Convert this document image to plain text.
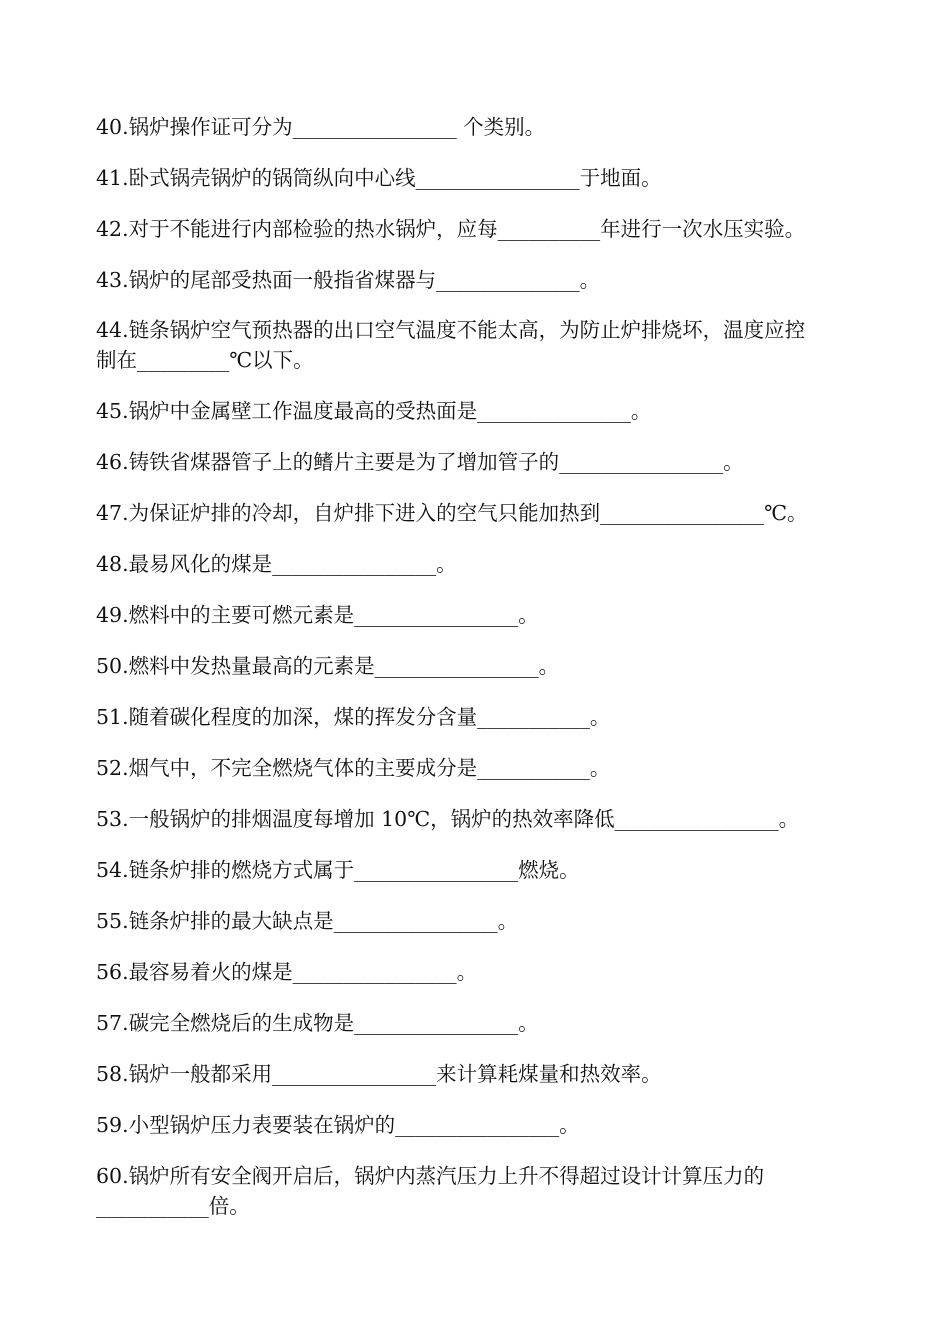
40.锅炉操作证可分为________________ 个类别。
41.卧式锅壳锅炉的锅筒纵向中心线________________于地面。
42.对于不能进行内部检验的热水锅炉，应每__________年进行一次水压实验。
43.锅炉的尾部受热面一般指省煤器与______________。
44.链条锅炉空气预热器的出口空气温度不能太高，为防止炉排烧坏，温度应控
制在_________℃以下。
45.锅炉中金属壁工作温度最高的受热面是_______________。
46.铸铁省煤器管子上的鳍片主要是为了增加管子的________________。
47.为保证炉排的冷却，自炉排下进入的空气只能加热到________________℃。
48.最易风化的煤是________________。
49.燃料中的主要可燃元素是________________。
50.燃料中发热量最高的元素是________________。
51.随着碳化程度的加深，煤的挥发分含量___________。
52.烟气中，不完全燃烧气体的主要成分是___________。
53.一般锅炉的排烟温度每增加 10℃，锅炉的热效率降低________________。
54.链条炉排的燃烧方式属于________________燃烧。
55.链条炉排的最大缺点是________________。
56.最容易着火的煤是________________。
57.碳完全燃烧后的生成物是________________。
58.锅炉一般都采用________________来计算耗煤量和热效率。
59.小型锅炉压力表要装在锅炉的________________。
60.锅炉所有安全阀开启后，锅炉内蒸汽压力上升不得超过设计计算压力的
___________倍。
